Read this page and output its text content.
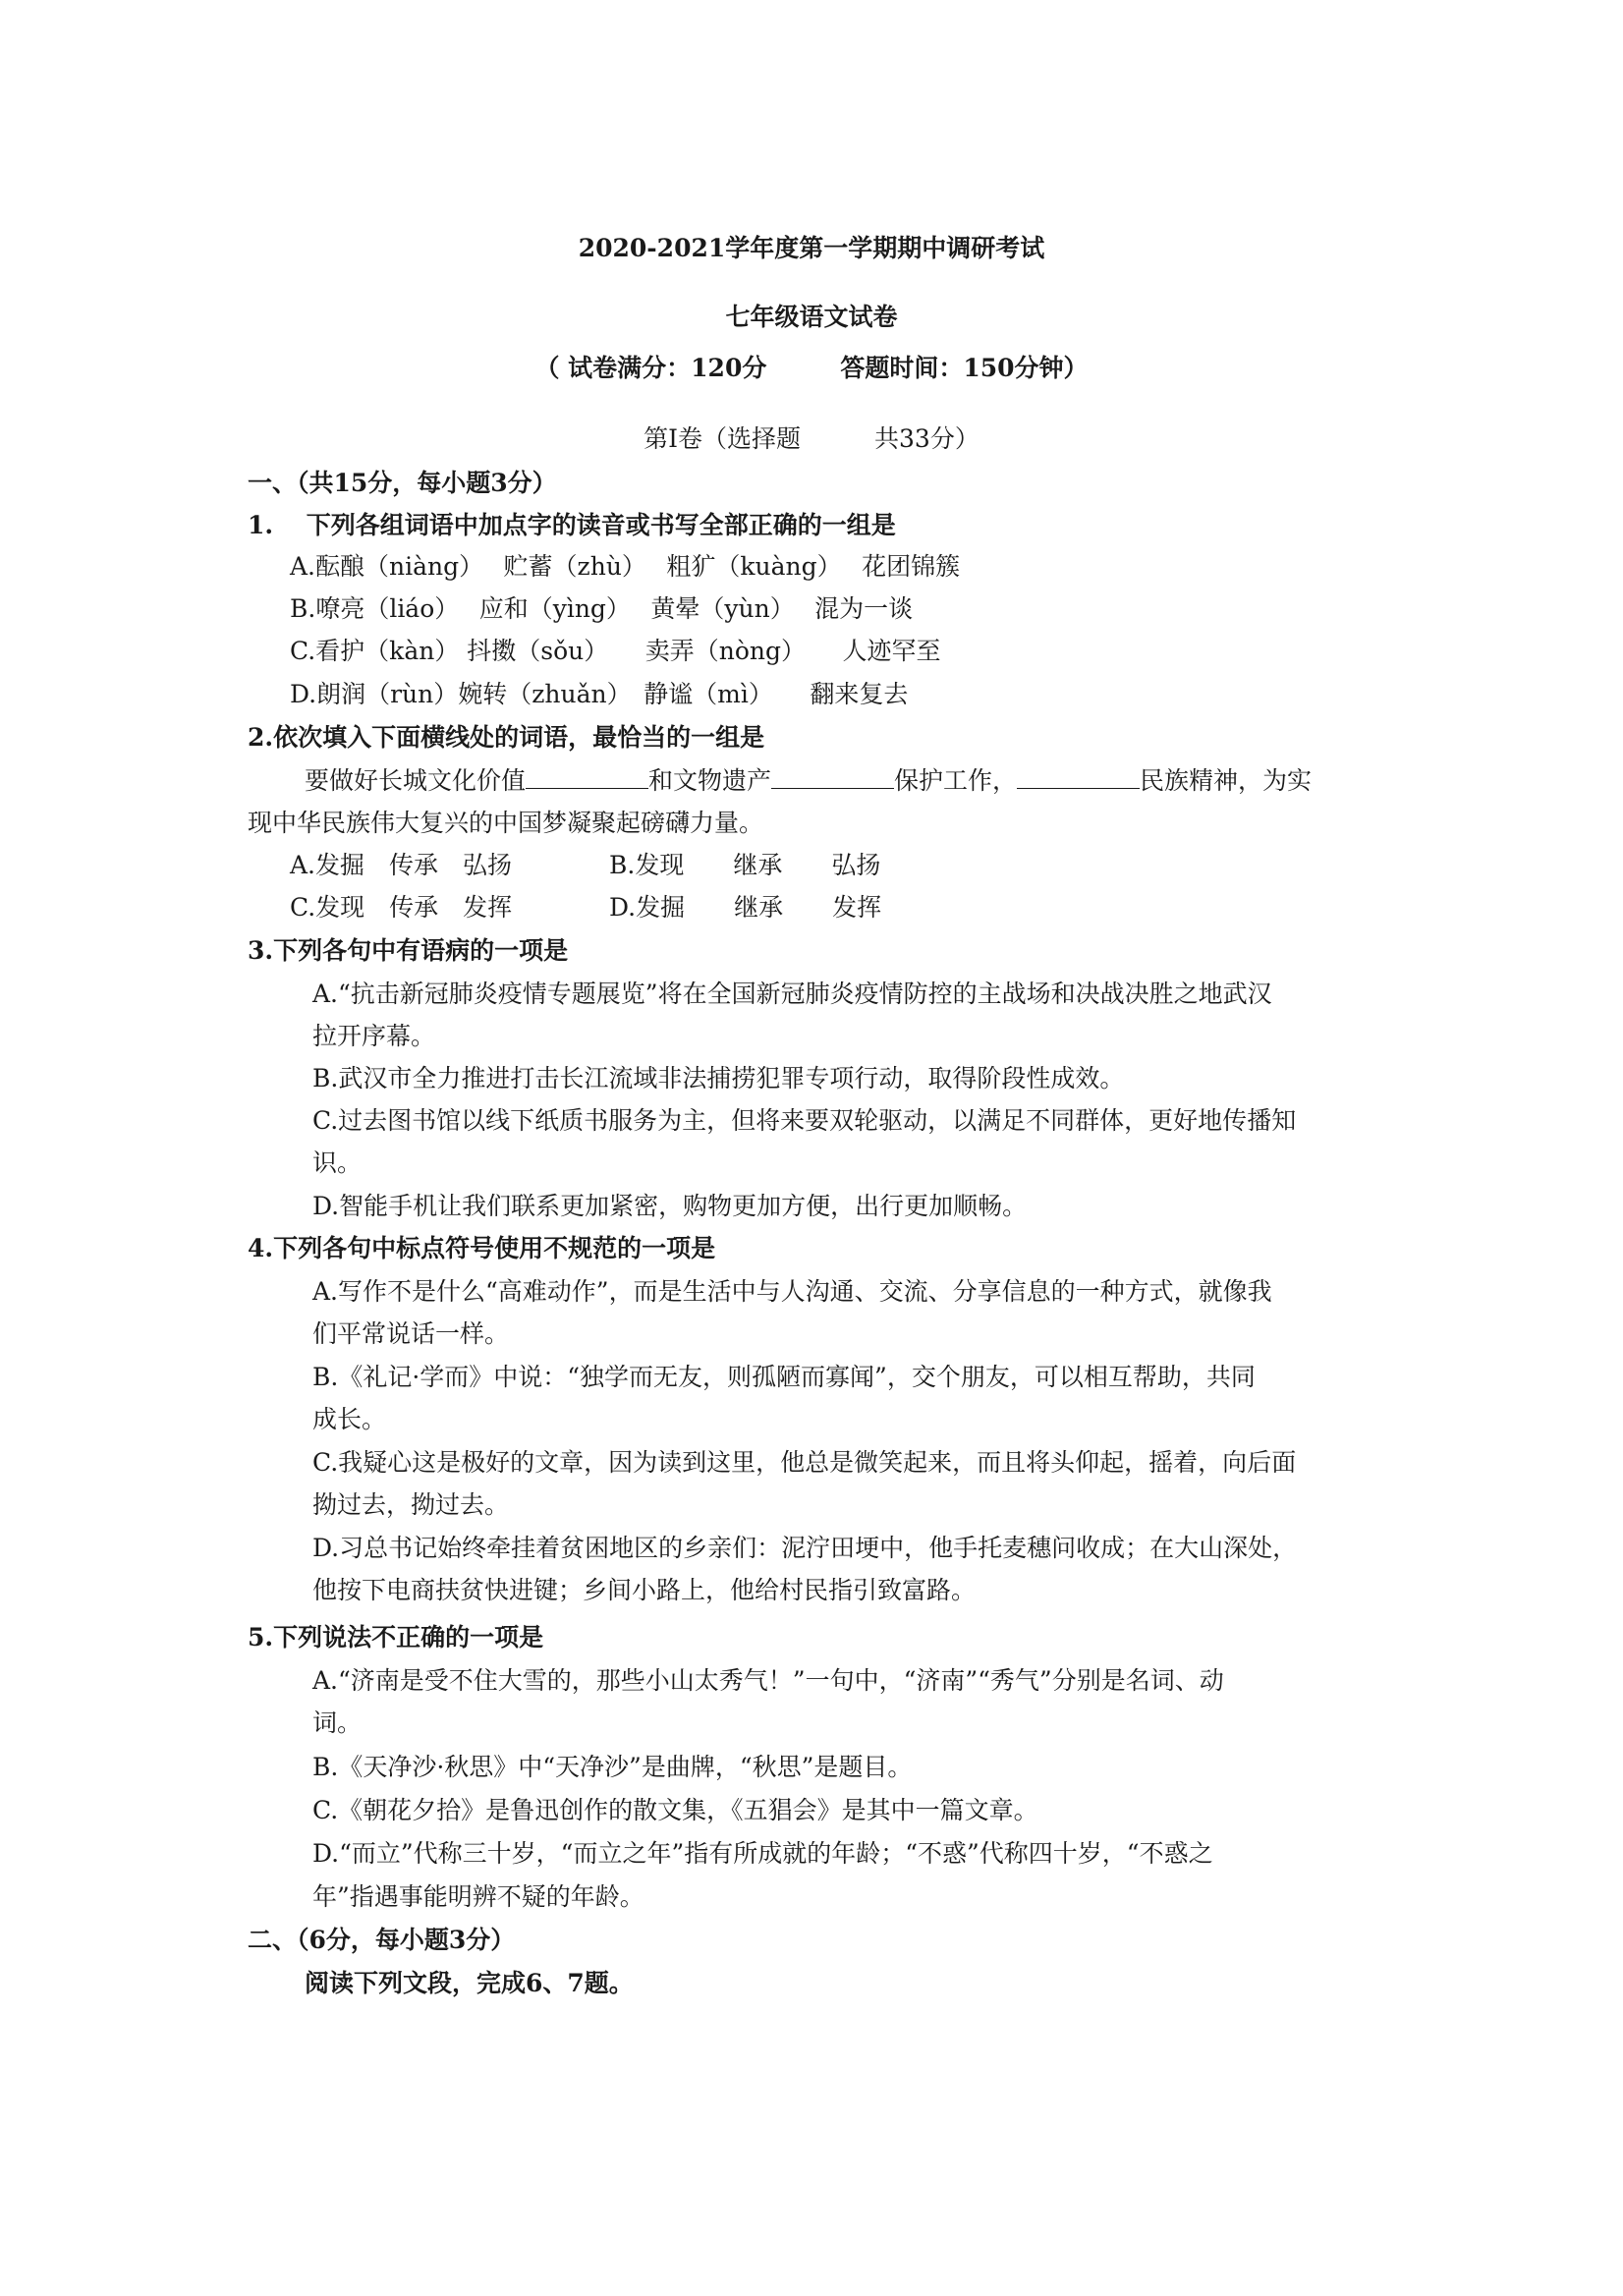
2020-2021学年度第一学期期中调研考试
七年级语文试卷
（ 试卷满分：120分　　　答题时间：150分钟）
第Ⅰ卷（选择题　　　共33分）
一、（共15分，每小题3分）
1.　 下列各组词语中加点字的读音或书写全部正确的一组是
A.酝酿（niàng）　 贮蓄（zhù）　 粗犷（kuàng）　 花团锦簇
B.嘹亮（liáo）　 应和（yìng）　 黄晕（yùn）　 混为一谈
C.看护（kàn） 抖擞（sǒu）　　卖弄（nòng）　　人迹罕至
D.朗润（rùn）婉转（zhuǎn）　静谧（mì）　　翻来复去
2.依次填入下面横线处的词语，最恰当的一组是
要做好长城文化价值	和文物遗产	保护工作，	民族精神，为实
现中华民族伟大复兴的中国梦凝聚起磅礴力量。
A.发掘　传承　弘扬	B.发现　　继承　　弘扬
C.发现　传承　发挥	D.发掘　　继承　　发挥
3.下列各句中有语病的一项是
A.“抗击新冠肺炎疫情专题展览”将在全国新冠肺炎疫情防控的主战场和决战决胜之地武汉
拉开序幕。
B.武汉市全力推进打击长江流域非法捕捞犯罪专项行动，取得阶段性成效。
C.过去图书馆以线下纸质书服务为主，但将来要双轮驱动，以满足不同群体，更好地传播知
识。
D.智能手机让我们联系更加紧密，购物更加方便，出行更加顺畅。
4.下列各句中标点符号使用不规范的一项是
A.写作不是什么“高难动作”，而是生活中与人沟通、交流、分享信息的一种方式，就像我
们平常说话一样。
B.《礼记·学而》中说：“独学而无友，则孤陋而寡闻”，交个朋友，可以相互帮助，共同
成长。
C.我疑心这是极好的文章，因为读到这里，他总是微笑起来，而且将头仰起，摇着，向后面
拗过去，拗过去。
D.习总书记始终牵挂着贫困地区的乡亲们：泥泞田埂中，他手托麦穗问收成；在大山深处，
他按下电商扶贫快进键；乡间小路上，他给村民指引致富路。
5.下列说法不正确的一项是
A.“济南是受不住大雪的，那些小山太秀气！”一句中，“济南”“秀气”分别是名词、动
词。
B.《天净沙·秋思》中“天净沙”是曲牌，“秋思”是题目。
C.《朝花夕拾》是鲁迅创作的散文集，《五猖会》是其中一篇文章。
D.“而立”代称三十岁，“而立之年”指有所成就的年龄；“不惑”代称四十岁，“不惑之
年”指遇事能明辨不疑的年龄。
二、（6分，每小题3分）
阅读下列文段，完成6、7题。
